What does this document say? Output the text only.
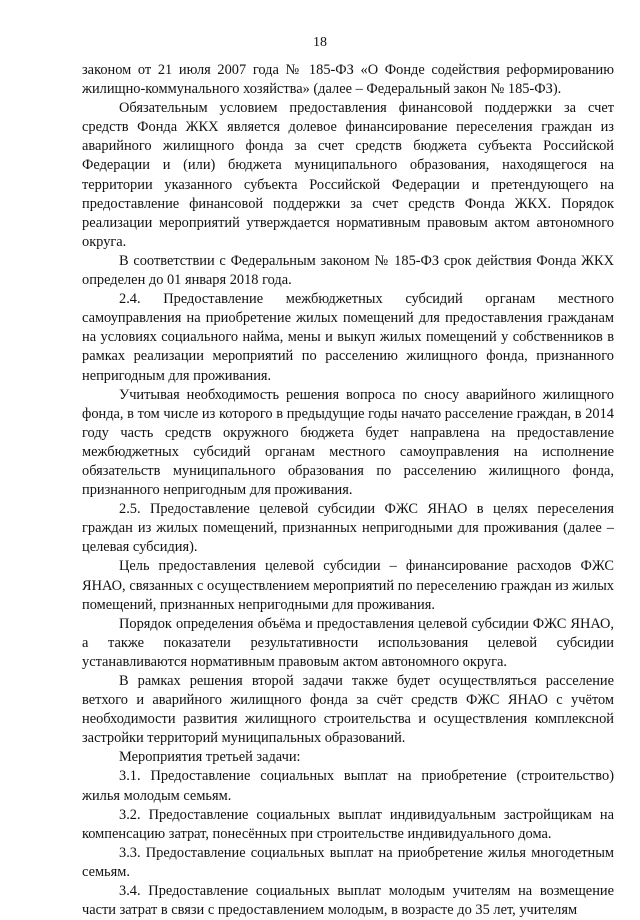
18

законом от 21 июля 2007 года № 185-ФЗ «О Фонде содействия реформированию жилищно-коммунального хозяйства» (далее – Федеральный закон № 185-ФЗ).

Обязательным условием предоставления финансовой поддержки за счет средств Фонда ЖКХ является долевое финансирование переселения граждан из аварийного жилищного фонда за счет средств бюджета субъекта Российской Федерации и (или) бюджета муниципального образования, находящегося на территории указанного субъекта Российской Федерации и претендующего на предоставление финансовой поддержки за счет средств Фонда ЖКХ. Порядок реализации мероприятий утверждается нормативным правовым актом автономного округа.

В соответствии с Федеральным законом № 185-ФЗ срок действия Фонда ЖКХ определен до 01 января 2018 года.

2.4. Предоставление межбюджетных субсидий органам местного самоуправления на приобретение жилых помещений для предоставления гражданам на условиях социального найма, мены и выкуп жилых помещений у собственников в рамках реализации мероприятий по расселению жилищного фонда, признанного непригодным для проживания.

Учитывая необходимость решения вопроса по сносу аварийного жилищного фонда, в том числе из которого в предыдущие годы начато расселение граждан, в 2014 году часть средств окружного бюджета будет направлена на предоставление межбюджетных субсидий органам местного самоуправления на исполнение обязательств муниципального образования по расселению жилищного фонда, признанного непригодным для проживания.

2.5. Предоставление целевой субсидии ФЖС ЯНАО в целях переселения граждан из жилых помещений, признанных непригодными для проживания (далее – целевая субсидия).

Цель предоставления целевой субсидии – финансирование расходов ФЖС ЯНАО, связанных с осуществлением мероприятий по переселению граждан из жилых помещений, признанных непригодными для проживания.

Порядок определения объёма и предоставления целевой субсидии ФЖС ЯНАО, а также показатели результативности использования целевой субсидии устанавливаются нормативным правовым актом автономного округа.

В рамках решения второй задачи также будет осуществляться расселение ветхого и аварийного жилищного фонда за счёт средств ФЖС ЯНАО с учётом необходимости развития жилищного строительства и осуществления комплексной застройки территорий муниципальных образований.

Мероприятия третьей задачи:

3.1. Предоставление социальных выплат на приобретение (строительство) жилья молодым семьям.

3.2. Предоставление социальных выплат индивидуальным застройщикам на компенсацию затрат, понесённых при строительстве индивидуального дома.

3.3. Предоставление социальных выплат на приобретение жилья многодетным семьям.

3.4. Предоставление социальных выплат молодым учителям на возмещение части затрат в связи с предоставлением молодым, в возрасте до 35 лет, учителям
